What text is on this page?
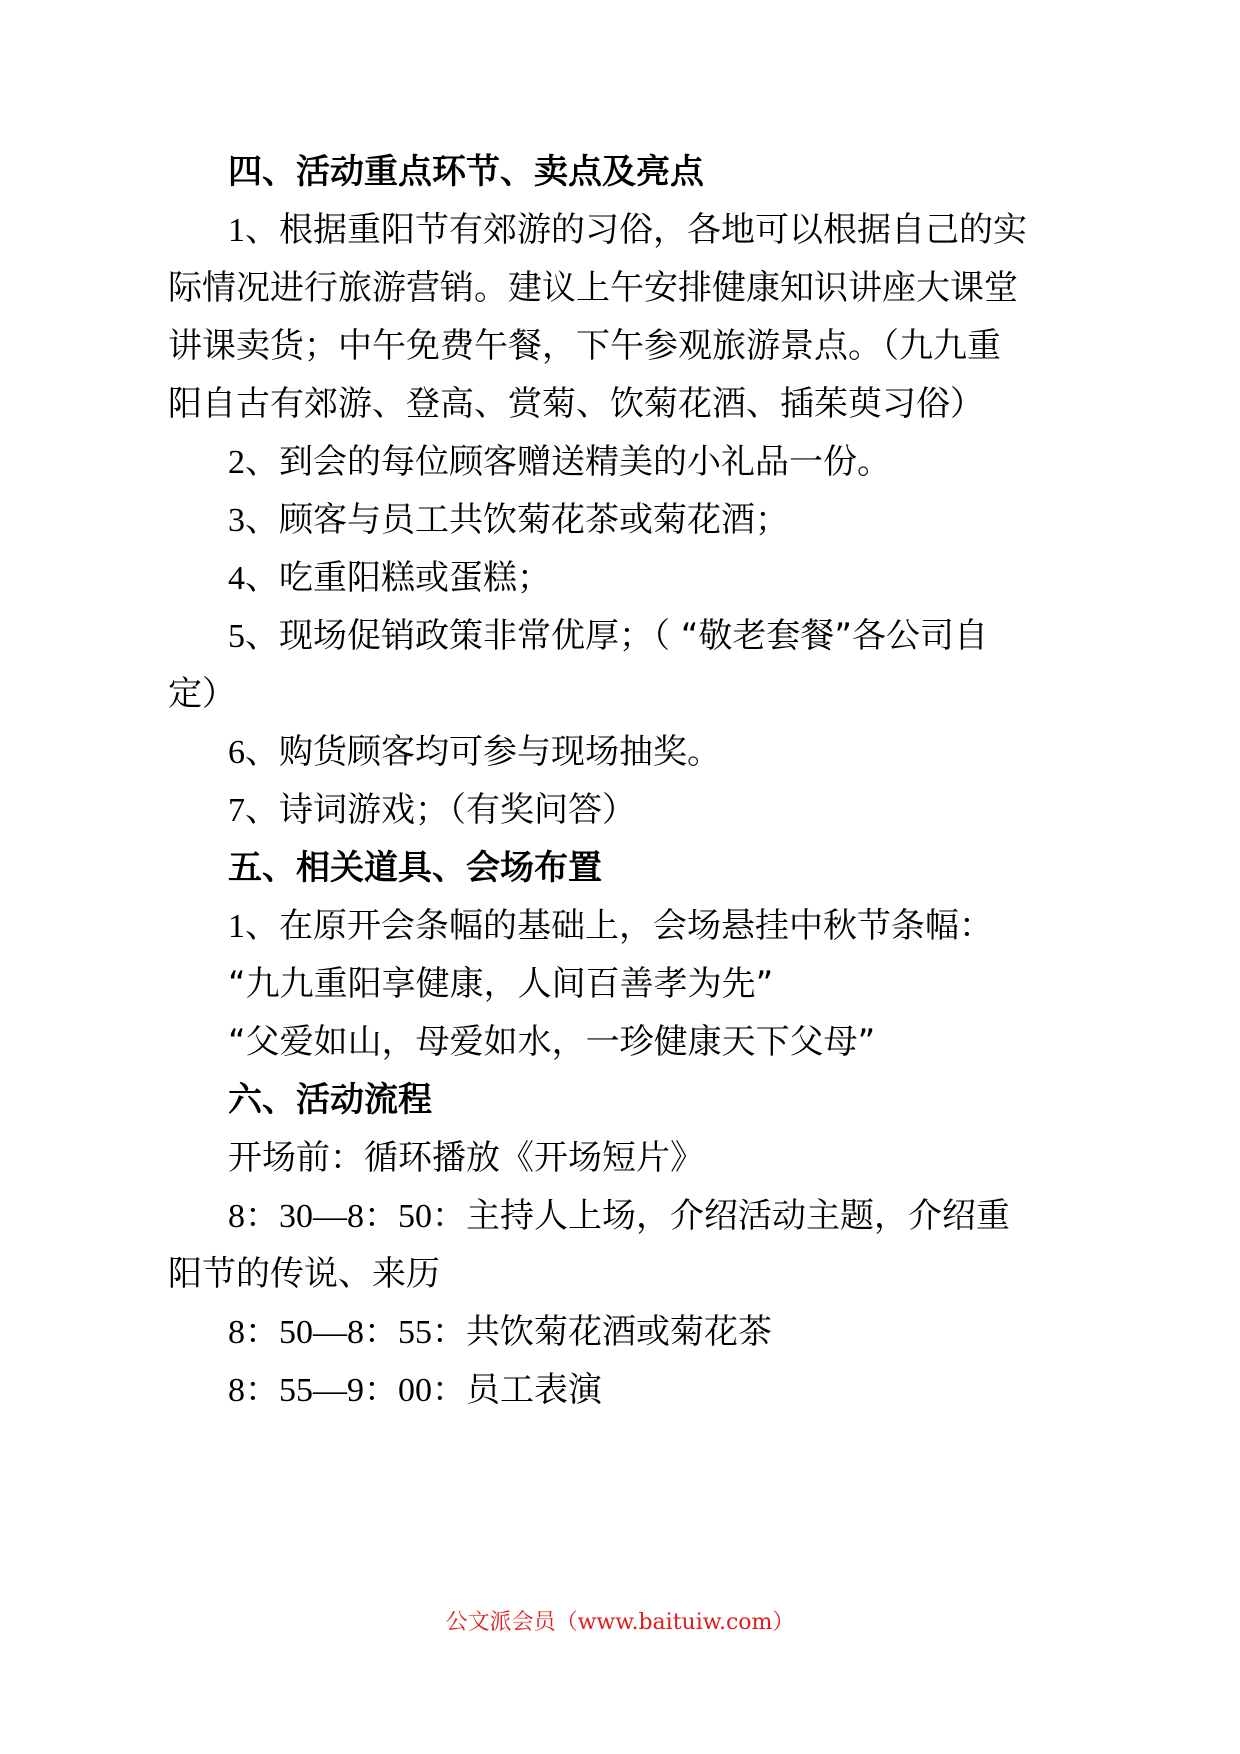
四、活动重点环节、卖点及亮点
1、根据重阳节有郊游的习俗，各地可以根据自己的实
际情况进行旅游营销。建议上午安排健康知识讲座大课堂
讲课卖货；中午免费午餐，下午参观旅游景点。（九九重
阳自古有郊游、登高、赏菊、饮菊花酒、插茱萸习俗）
2、到会的每位顾客赠送精美的小礼品一份。
3、顾客与员工共饮菊花茶或菊花酒；
4、吃重阳糕或蛋糕；
5、现场促销政策非常优厚；（ “敬老套餐”各公司自
定）
6、购货顾客均可参与现场抽奖。
7、诗词游戏；（有奖问答）
五、相关道具、会场布置
1、在原开会条幅的基础上，会场悬挂中秋节条幅：
“九九重阳享健康，人间百善孝为先”
“父爱如山，母爱如水，一珍健康天下父母”
六、活动流程
开场前：循环播放《开场短片》
8：30—8：50：主持人上场，介绍活动主题，介绍重
阳节的传说、来历
8：50—8：55：共饮菊花酒或菊花茶
8：55—9：00：员工表演
公文派会员（www.baituiw.com）
